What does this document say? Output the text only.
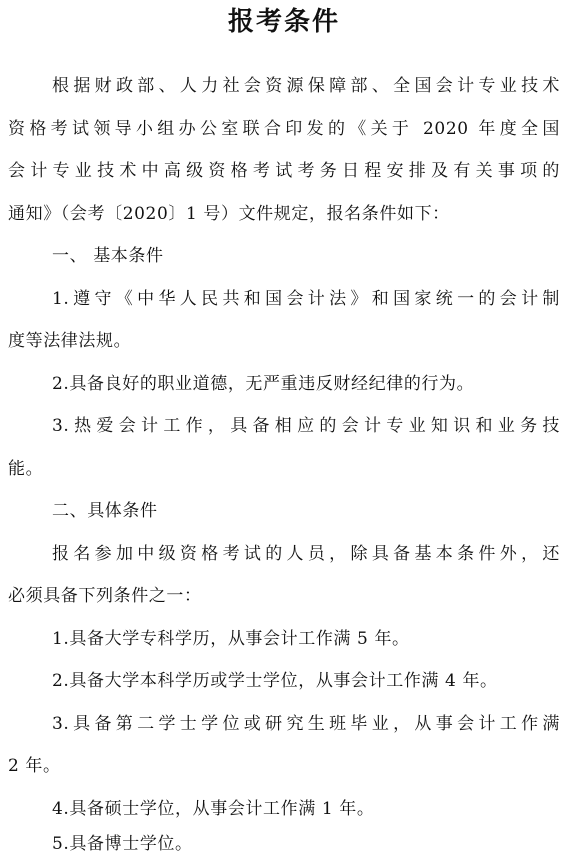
报考条件
根据财政部、人力社会资源保障部、全国会计专业技术
资格考试领导小组办公室联合印发的《关于 2020 年度全国
会计专业技术中高级资格考试考务日程安排及有关事项的
通知》（会考〔2020〕1 号）文件规定，报名条件如下：
一、 基本条件
1.遵守《中华人民共和国会计法》和国家统一的会计制
度等法律法规。
2.具备良好的职业道德，无严重违反财经纪律的行为。
3.热爱会计工作，具备相应的会计专业知识和业务技
能。
二、具体条件
报名参加中级资格考试的人员，除具备基本条件外，还
必须具备下列条件之一：
1.具备大学专科学历，从事会计工作满 5 年。
2.具备大学本科学历或学士学位，从事会计工作满 4 年。
3.具备第二学士学位或研究生班毕业，从事会计工作满
2 年。
4.具备硕士学位，从事会计工作满 1 年。
5.具备博士学位。
